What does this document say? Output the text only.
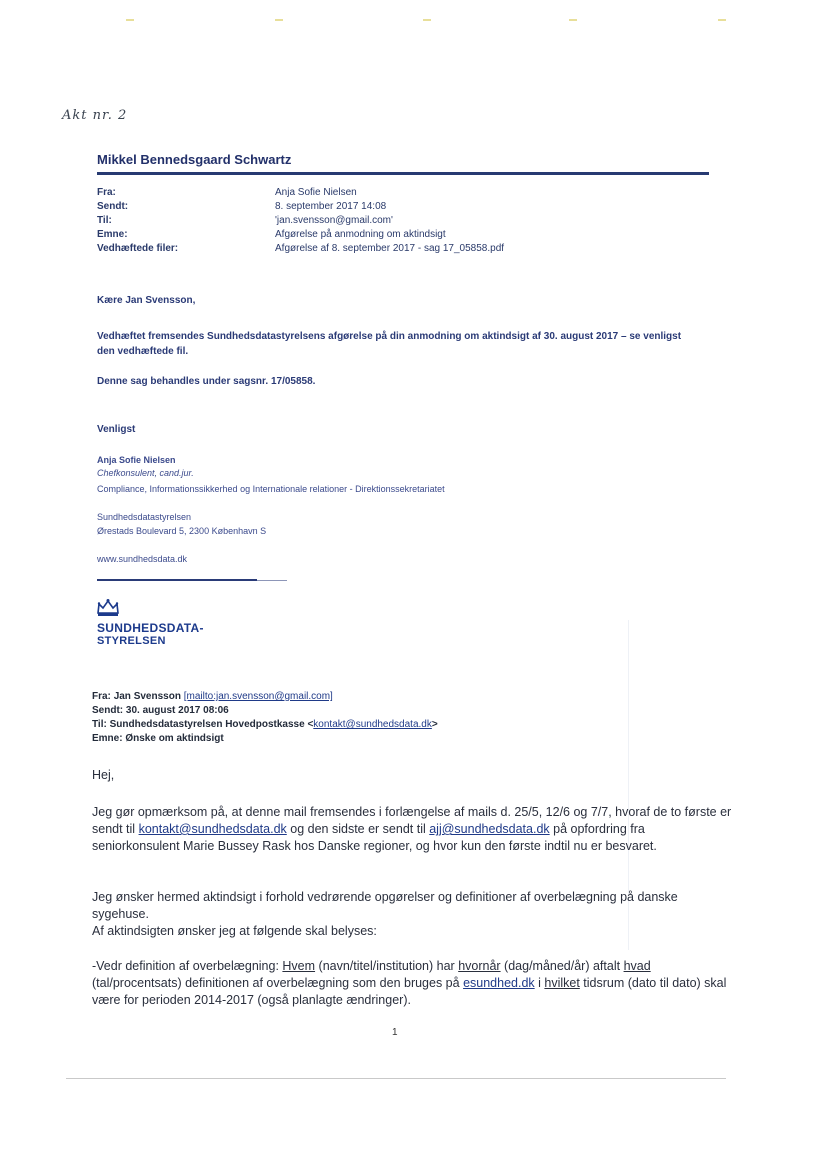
Akt nr. 2
Mikkel Bennedsgaard Schwartz
Fra:	Anja Sofie Nielsen
Sendt:	8. september 2017 14:08
Til:	'jan.svensson@gmail.com'
Emne:	Afgørelse på anmodning om aktindsigt
Vedhæftede filer:	Afgørelse af 8. september 2017 - sag 17_05858.pdf
Kære Jan Svensson,
Vedhæftet fremsendes Sundhedsdatastyrelsens afgørelse på din anmodning om aktindsigt af 30. august 2017 – se venligst den vedhæftede fil.
Denne sag behandles under sagsnr. 17/05858.
Venligst
Anja Sofie Nielsen
Chefkonsulent, cand.jur.
Compliance, Informationssikkerhed og Internationale relationer - Direktionssekretariatet
Sundhedsdatastyrelsen
Ørestads Boulevard 5, 2300 København S
www.sundhedsdata.dk
SUNDHEDSDATA-
STYRELSEN
Fra: Jan Svensson [mailto:jan.svensson@gmail.com]
Sendt: 30. august 2017 08:06
Til: Sundhedsdatastyrelsen Hovedpostkasse <kontakt@sundhedsdata.dk>
Emne: Ønske om aktindsigt
Hej,
Jeg gør opmærksom på, at denne mail fremsendes i forlængelse af mails d. 25/5, 12/6 og 7/7, hvoraf de to første er sendt til kontakt@sundhedsdata.dk og den sidste er sendt til ajj@sundhedsdata.dk på opfordring fra seniorkonsulent Marie Bussey Rask hos Danske regioner, og hvor kun den første indtil nu er besvaret.
Jeg ønsker hermed aktindsigt i forhold vedrørende opgørelser og definitioner af overbelægning på danske sygehuse.
Af aktindsigten ønsker jeg at følgende skal belyses:
-Vedr definition af overbelægning: Hvem (navn/titel/institution) har hvornår (dag/måned/år) aftalt hvad (tal/procentsats) definitionen af overbelægning som den bruges på esundhed.dk i hvilket tidsrum (dato til dato) skal være for perioden 2014-2017 (også planlagte ændringer).
1
